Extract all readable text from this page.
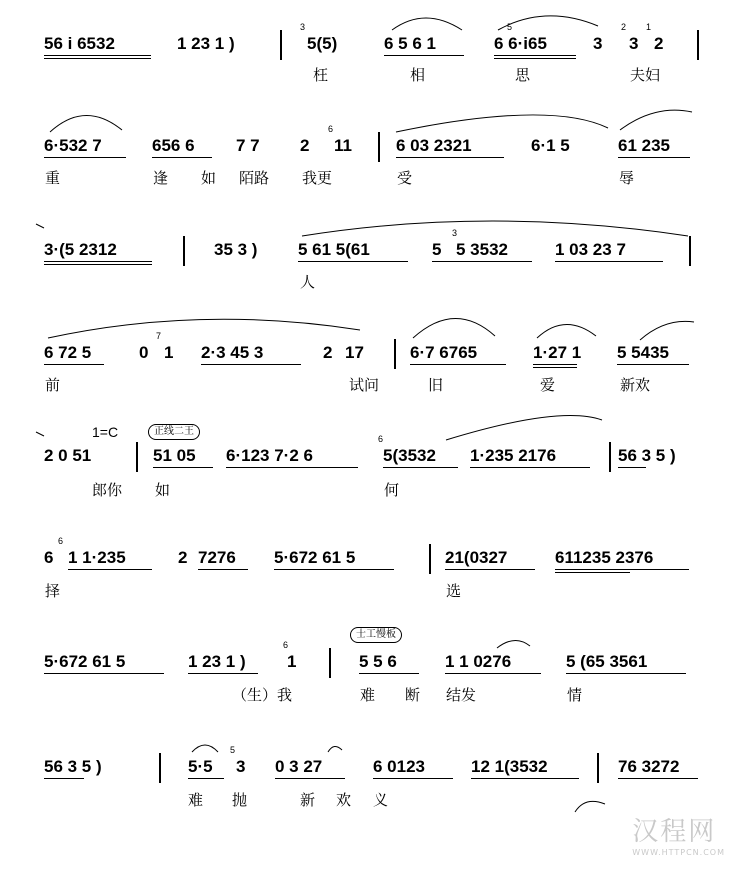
56 i 6532	1 23 1 )
3
5(5)	6 5 6 1
5
6 6·i65	3
2
3
1
2
枉	相	思	夫妇
6·532 7	656 6 7 7 2
6
11	6 03 2321	6·1 5	61 235
重	逢 如 陌路 我更	受	辱
3·(5 2312	35 3 ) 5 61 5(61	5
3
5 3532	1 03 23 7
人
6 72 5	0
7
1 2·3 45 3	2 17	6·7 6765	1·27 1 5 5435
前	试问	旧	爱	新欢
1=C	正线二王
2 0 51	51 05 6·123 7·2 6
6
5(3532 1·235 2176	56 3 5 )
郎你 如	何
6
6 1 1·235	2 7276 5·672 61 5	21(0327	611235 2376
择	选
士工慢板
5·672 61 5	1 23 1 )
6
1	5 5 6	1 1 0276	5 (65 3561
（生）我	难 断 结发	情
56 3 5 )	5·5
5
3 0 3 27	6 0123	12 1(3532	76 3272
难 抛	新 欢 义
汉程网
WWW.HTTPCN.COM
